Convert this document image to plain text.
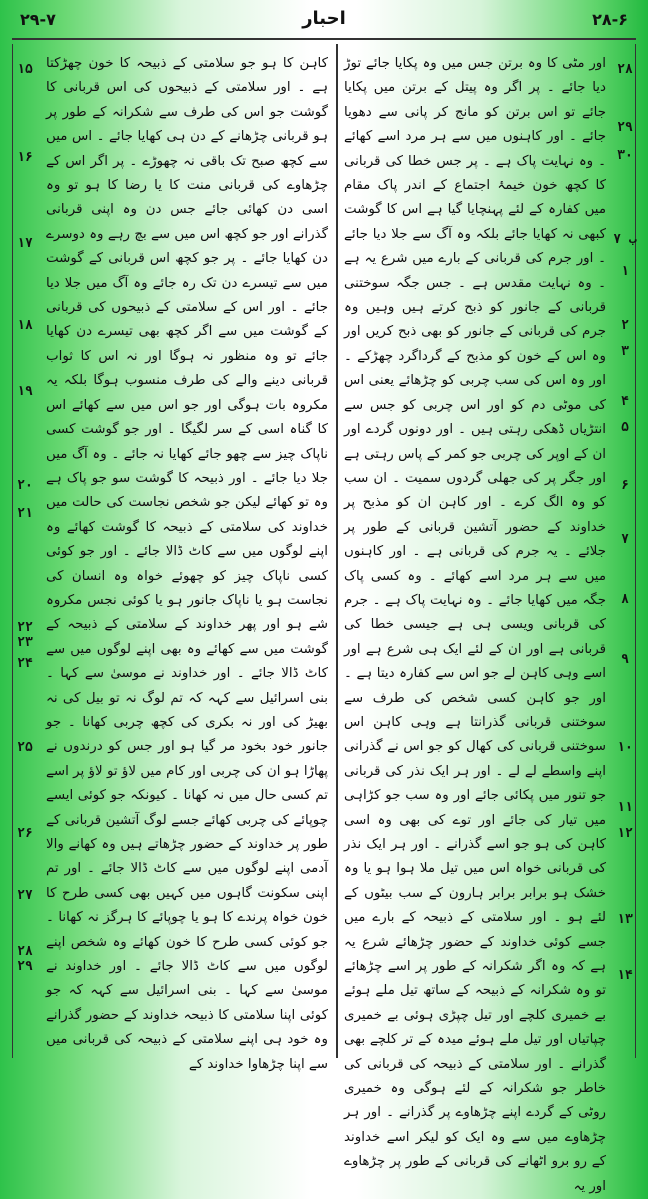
۲۹-۷	احبار	۲۸-۶
۱۵
۱۶
۱۷
۱۸
۱۹
۲۰
۲۱
۲۲ ۲۳
۲۴
۲۵
۲۶
۲۷
۲۸ ۲۹
۲۸
۲۹
۳۰
ب ۷
۱
۲
۳
۴
۵
۶
۷
۸
۹
۱۰
۱۱
۱۲
۱۳
۱۴

اور مٹی کا وہ برتن جس میں وہ پکایا جائے توڑ دیا جائے ۔ پر اگر وہ پیتل کے برتن میں پکایا جائے تو اس برتن کو مانج کر پانی سے دھویا جائے ۔ اور کاہنوں میں سے ہر مرد اسے کھائے ۔ وہ نہایت پاک ہے ۔ پر جس خطا کی قربانی کا کچھ خون خیمۂ اجتماع کے اندر پاک مقام میں کفارہ کے لئے پہنچایا گیا ہے اس کا گوشت کبھی نہ کھایا جائے بلکہ وہ آگ سے جلا دیا جائے ۔ اور جرم کی قربانی کے بارے میں شرع یہ ہے ۔ وہ نہایت مقدس ہے ۔ جس جگہ سوختنی قربانی کے جانور کو ذبح کرتے ہیں وہیں وہ جرم کی قربانی کے جانور کو بھی ذبح کریں اور وہ اس کے خون کو مذبح کے گرداگرد چھڑکے ۔ اور وہ اس کی سب چربی کو چڑھائے یعنی اس کی موٹی دم کو اور اس چربی کو جس سے انتڑیاں ڈھکی رہتی ہیں ۔ اور دونوں گردے اور ان کے اوپر کی چربی جو کمر کے پاس رہتی ہے اور جگر پر کی جھلی گردوں سمیت ۔ ان سب کو وہ الگ کرے ۔ اور کاہن ان کو مذبح پر خداوند کے حضور آتشین قربانی کے طور پر جلائے ۔ یہ جرم کی قربانی ہے ۔ اور کاہنوں میں سے ہر مرد اسے کھائے ۔ وہ کسی پاک جگہ میں کھایا جائے ۔ وہ نہایت پاک ہے ۔ جرم کی قربانی ویسی ہی ہے جیسی خطا کی قربانی ہے اور ان کے لئے ایک ہی شرع ہے اور اسے وہی کاہن لے جو اس سے کفارہ دیتا ہے ۔ اور جو کاہن کسی شخص کی طرف سے سوختنی قربانی گذرانتا ہے وہی کاہن اس سوختنی قربانی کی کھال کو جو اس نے گذرانی اپنے واسطے لے لے ۔ اور ہر ایک نذر کی قربانی جو تنور میں پکائی جائے اور وہ سب جو کڑاہی میں تیار کی جائے اور توے کی بھی وہ اسی کاہن کی ہو جو اسے گذرانے ۔ اور ہر ایک نذر کی قربانی خواہ اس میں تیل ملا ہوا ہو یا وہ خشک ہو برابر برابر ہارون کے سب بیٹوں کے لئے ہو ۔ اور سلامتی کے ذبیحہ کے بارے میں جسے کوئی خداوند کے حضور چڑھائے شرع یہ ہے کہ وہ اگر شکرانہ کے طور پر اسے چڑھائے تو وہ شکرانہ کے ذبیحہ کے ساتھ تیل ملے ہوئے بے خمیری کلچے اور تیل چپڑی ہوئی بے خمیری چپاتیاں اور تیل ملے ہوئے میدہ کے تر کلچے بھی گذرانے ۔ اور سلامتی کے ذبیحہ کی قربانی کی خاطر جو شکرانہ کے لئے ہوگی وہ خمیری روٹی کے گردے اپنے چڑھاوے پر گذرانے ۔ اور ہر چڑھاوے میں سے وہ ایک کو لیکر اسے خداوند کے رو برو اٹھانے کی قربانی کے طور پر چڑھاوے اور یہ

کاہن کا ہو جو سلامتی کے ذبیحہ کا خون چھڑکتا ہے ۔ اور سلامتی کے ذبیحوں کی اس قربانی کا گوشت جو اس کی طرف سے شکرانہ کے طور پر ہو قربانی چڑھانے کے دن ہی کھایا جائے ۔ اس میں سے کچھ صبح تک باقی نہ چھوڑے ۔ پر اگر اس کے چڑھاوے کی قربانی منت کا یا رضا کا ہو تو وہ اسی دن کھائی جائے جس دن وہ اپنی قربانی گذرانے اور جو کچھ اس میں سے بچ رہے وہ دوسرے دن کھایا جائے ۔ پر جو کچھ اس قربانی کے گوشت میں سے تیسرے دن تک رہ جائے وہ آگ میں جلا دیا جائے ۔ اور اس کے سلامتی کے ذبیحوں کی قربانی کے گوشت میں سے اگر کچھ بھی تیسرے دن کھایا جائے تو وہ منظور نہ ہوگا اور نہ اس کا ثواب قربانی دینے والے کی طرف منسوب ہوگا بلکہ یہ مکروہ بات ہوگی اور جو اس میں سے کھائے اس کا گناہ اسی کے سر لگیگا ۔ اور جو گوشت کسی ناپاک چیز سے چھو جائے کھایا نہ جائے ۔ وہ آگ میں جلا دیا جائے ۔ اور ذبیحہ کا گوشت سو جو پاک ہے وہ تو کھائے لیکن جو شخص نجاست کی حالت میں خداوند کی سلامتی کے ذبیحہ کا گوشت کھائے وہ اپنے لوگوں میں سے کاٹ ڈالا جائے ۔ اور جو کوئی کسی ناپاک چیز کو چھوئے خواہ وہ انسان کی نجاست ہو یا ناپاک جانور ہو یا کوئی نجس مکروہ شے ہو اور پھر خداوند کے سلامتی کے ذبیحہ کے گوشت میں سے کھائے وہ بھی اپنے لوگوں میں سے کاٹ ڈالا جائے ۔ اور خداوند نے موسیٰ سے کہا ۔ بنی اسرائیل سے کہہ کہ تم لوگ نہ تو بیل کی نہ بھیڑ کی اور نہ بکری کی کچھ چربی کھانا ۔ جو جانور خود بخود مر گیا ہو اور جس کو درندوں نے پھاڑا ہو ان کی چربی اور کام میں لاؤ تو لاؤ پر اسے تم کسی حال میں نہ کھانا ۔ کیونکہ جو کوئی ایسے چوپائے کی چربی کھائے جسے لوگ آتشین قربانی کے طور پر خداوند کے حضور چڑھاتے ہیں وہ کھانے والا آدمی اپنے لوگوں میں سے کاٹ ڈالا جائے ۔ اور تم اپنی سکونت گاہوں میں کہیں بھی کسی طرح کا خون خواہ پرندے کا ہو یا چوپائے کا ہرگز نہ کھانا ۔ جو کوئی کسی طرح کا خون کھائے وہ شخص اپنے لوگوں میں سے کاٹ ڈالا جائے ۔ اور خداوند نے موسیٰ سے کہا ۔ بنی اسرائیل سے کہہ کہ جو کوئی اپنا سلامتی کا ذبیحہ خداوند کے حضور گذرانے وہ خود ہی اپنے سلامتی کے ذبیحہ کی قربانی میں سے اپنا چڑھاوا خداوند کے
